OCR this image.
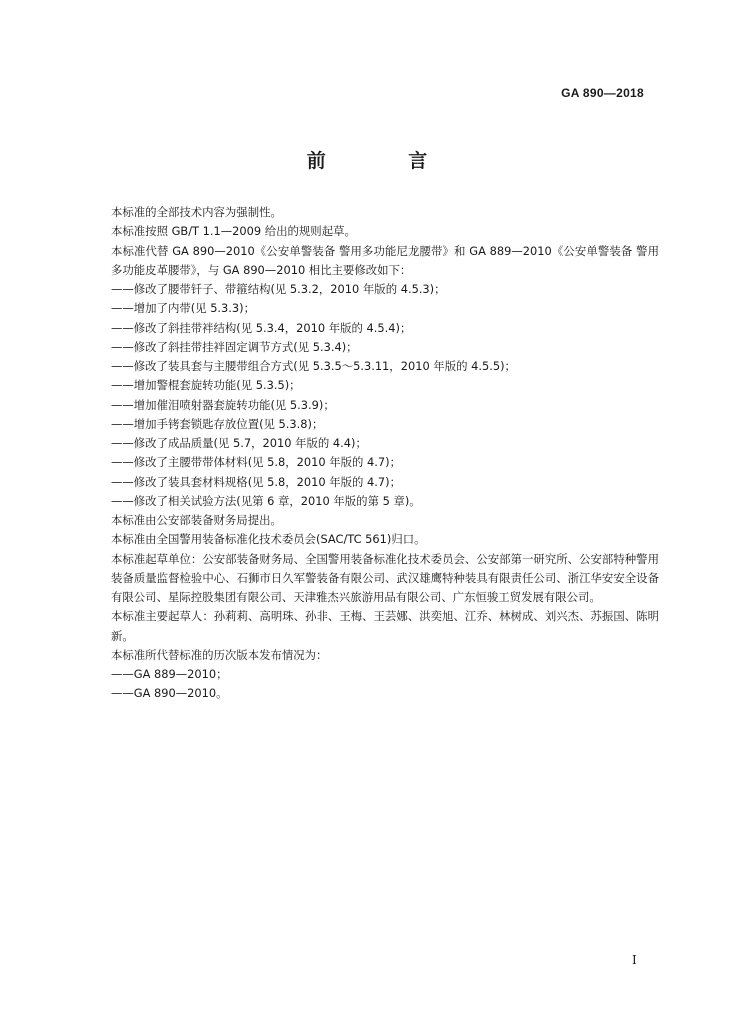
GA 890—2018
前 言

本标准的全部技术内容为强制性。

本标准按照 GB/T 1.1—2009 给出的规则起草。

本标准代替 GA 890—2010《公安单警装备 警用多功能尼龙腰带》和 GA 889—2010《公安单警装备 警用多功能皮革腰带》，与 GA 890—2010 相比主要修改如下：

——修改了腰带钎子、带箍结构(见 5.3.2，2010 年版的 4.5.3)；

——增加了内带(见 5.3.3)；

——修改了斜挂带袢结构(见 5.3.4，2010 年版的 4.5.4)；

——修改了斜挂带挂袢固定调节方式(见 5.3.4)；

——修改了装具套与主腰带组合方式(见 5.3.5～5.3.11，2010 年版的 4.5.5)；

——增加警棍套旋转功能(见 5.3.5)；

——增加催泪喷射器套旋转功能(见 5.3.9)；

——增加手铐套锁匙存放位置(见 5.3.8)；

——修改了成品质量(见 5.7，2010 年版的 4.4)；

——修改了主腰带带体材料(见 5.8，2010 年版的 4.7)；

——修改了装具套材料规格(见 5.8，2010 年版的 4.7)；

——修改了相关试验方法(见第 6 章，2010 年版的第 5 章)。

本标准由公安部装备财务局提出。

本标准由全国警用装备标准化技术委员会(SAC/TC 561)归口。

本标准起草单位：公安部装备财务局、全国警用装备标准化技术委员会、公安部第一研究所、公安部特种警用装备质量监督检验中心、石狮市日久军警装备有限公司、武汉雄鹰特种装具有限责任公司、浙江华安安全设备有限公司、星际控股集团有限公司、天津雅杰兴旅游用品有限公司、广东恒骏工贸发展有限公司。

本标准主要起草人：孙莉莉、高明珠、孙非、王梅、王芸娜、洪奕旭、江乔、林树成、刘兴杰、苏振国、陈明新。

本标准所代替标准的历次版本发布情况为：

——GA 889—2010；

——GA 890—2010。

I
